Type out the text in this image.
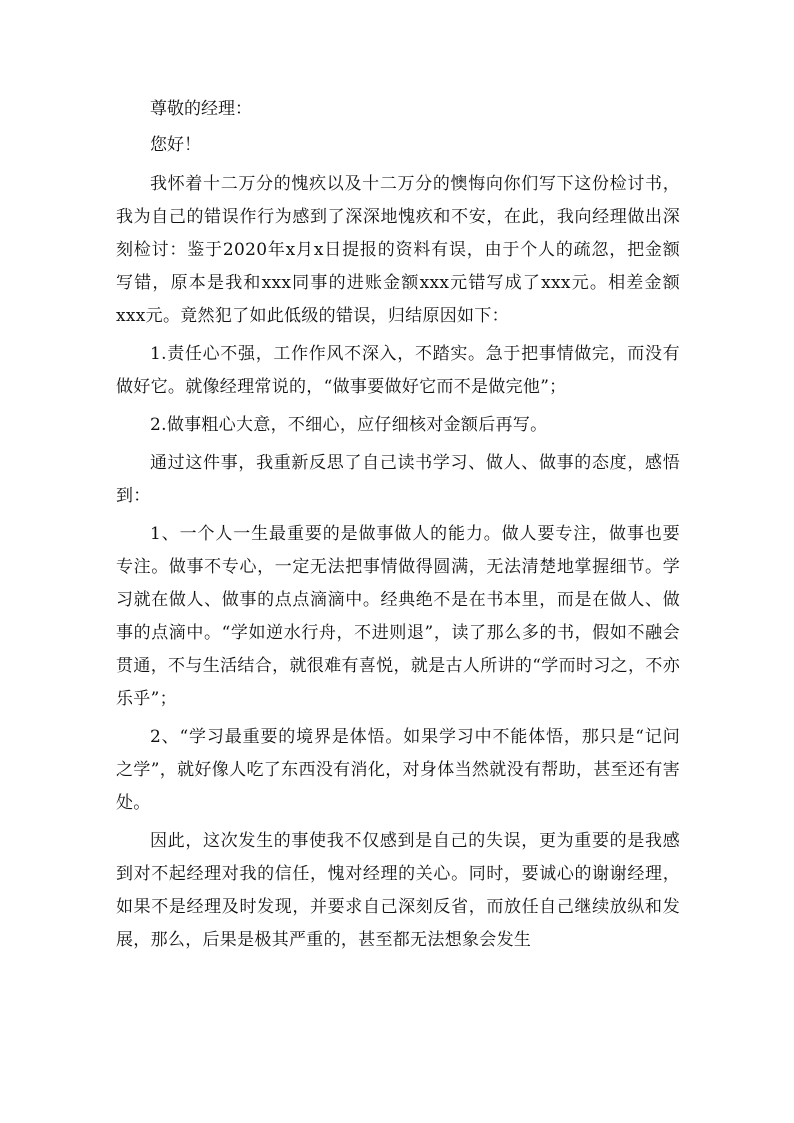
尊敬的经理：

您好！

我怀着十二万分的愧疚以及十二万分的懊悔向你们写下这份检讨书，我为自己的错误作行为感到了深深地愧疚和不安，在此，我向经理做出深刻检讨：鉴于2020年x月x日提报的资料有误，由于个人的疏忽，把金额写错，原本是我和xxx同事的进账金额xxx元错写成了xxx元。相差金额xxx元。竟然犯了如此低级的错误，归结原因如下：

1.责任心不强，工作作风不深入，不踏实。急于把事情做完，而没有做好它。就像经理常说的，“做事要做好它而不是做完他”；

2.做事粗心大意，不细心，应仔细核对金额后再写。

通过这件事，我重新反思了自己读书学习、做人、做事的态度，感悟到：

1、一个人一生最重要的是做事做人的能力。做人要专注，做事也要专注。做事不专心，一定无法把事情做得圆满，无法清楚地掌握细节。学习就在做人、做事的点点滴滴中。经典绝不是在书本里，而是在做人、做事的点滴中。“学如逆水行舟，不进则退”，读了那么多的书，假如不融会贯通，不与生活结合，就很难有喜悦，就是古人所讲的“学而时习之，不亦乐乎”；

2、“学习最重要的境界是体悟。如果学习中不能体悟，那只是“记问之学”，就好像人吃了东西没有消化，对身体当然就没有帮助，甚至还有害处。

因此，这次发生的事使我不仅感到是自己的失误，更为重要的是我感到对不起经理对我的信任，愧对经理的关心。同时，要诚心的谢谢经理，如果不是经理及时发现，并要求自己深刻反省，而放任自己继续放纵和发展，那么，后果是极其严重的，甚至都无法想象会发生
